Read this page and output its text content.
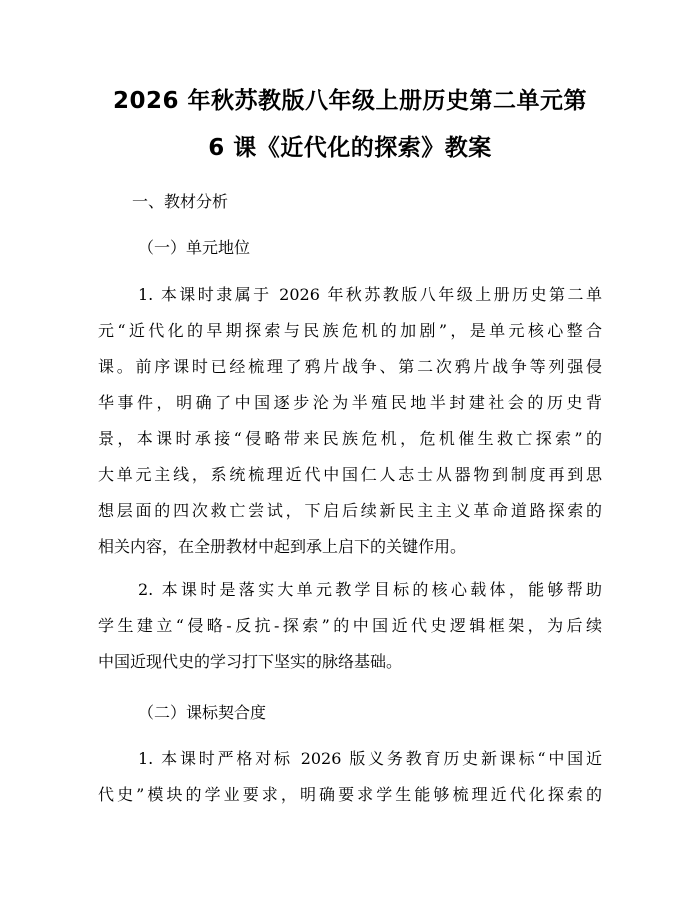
2026 年秋苏教版八年级上册历史第二单元第
6 课《近代化的探索》教案
一、教材分析
（一）单元地位
1. 本课时隶属于 2026 年秋苏教版八年级上册历史第二单
元“近代化的早期探索与民族危机的加剧”，是单元核心整合
课。前序课时已经梳理了鸦片战争、第二次鸦片战争等列强侵
华事件，明确了中国逐步沦为半殖民地半封建社会的历史背
景，本课时承接“侵略带来民族危机，危机催生救亡探索”的
大单元主线，系统梳理近代中国仁人志士从器物到制度再到思
想层面的四次救亡尝试，下启后续新民主主义革命道路探索的
相关内容，在全册教材中起到承上启下的关键作用。
2. 本课时是落实大单元教学目标的核心载体，能够帮助
学生建立“侵略-反抗-探索”的中国近代史逻辑框架，为后续
中国近现代史的学习打下坚实的脉络基础。
（二）课标契合度
1. 本课时严格对标 2026 版义务教育历史新课标“中国近
代史”模块的学业要求，明确要求学生能够梳理近代化探索的
